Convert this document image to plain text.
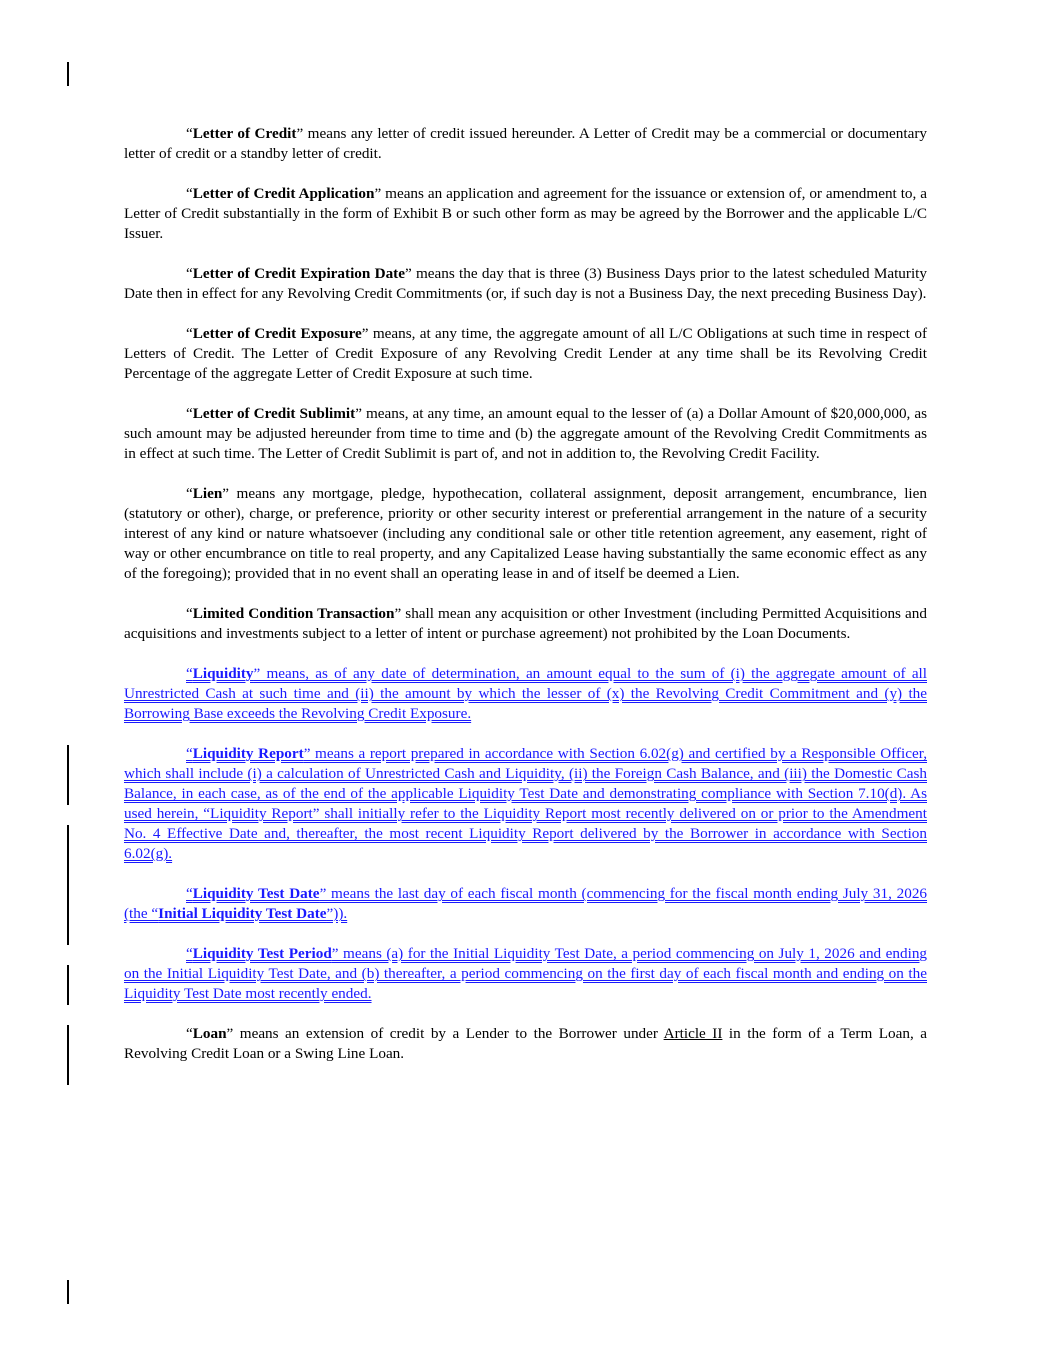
“Letter of Credit” means any letter of credit issued hereunder. A Letter of Credit may be a commercial or documentary letter of credit or a standby letter of credit.

“Letter of Credit Application” means an application and agreement for the issuance or extension of, or amendment to, a Letter of Credit substantially in the form of Exhibit B or such other form as may be agreed by the Borrower and the applicable L/C Issuer.

“Letter of Credit Expiration Date” means the day that is three (3) Business Days prior to the latest scheduled Maturity Date then in effect for any Revolving Credit Commitments (or, if such day is not a Business Day, the next preceding Business Day).

“Letter of Credit Exposure” means, at any time, the aggregate amount of all L/C Obligations at such time in respect of Letters of Credit. The Letter of Credit Exposure of any Revolving Credit Lender at any time shall be its Revolving Credit Percentage of the aggregate Letter of Credit Exposure at such time.

“Letter of Credit Sublimit” means, at any time, an amount equal to the lesser of (a) a Dollar Amount of $20,000,000, as such amount may be adjusted hereunder from time to time and (b) the aggregate amount of the Revolving Credit Commitments as in effect at such time. The Letter of Credit Sublimit is part of, and not in addition to, the Revolving Credit Facility.

“Lien” means any mortgage, pledge, hypothecation, collateral assignment, deposit arrangement, encumbrance, lien (statutory or other), charge, or preference, priority or other security interest or preferential arrangement in the nature of a security interest of any kind or nature whatsoever (including any conditional sale or other title retention agreement, any easement, right of way or other encumbrance on title to real property, and any Capitalized Lease having substantially the same economic effect as any of the foregoing); provided that in no event shall an operating lease in and of itself be deemed a Lien.

“Limited Condition Transaction” shall mean any acquisition or other Investment (including Permitted Acquisitions and acquisitions and investments subject to a letter of intent or purchase agreement) not prohibited by the Loan Documents.

“Liquidity” means, as of any date of determination, an amount equal to the sum of (i) the aggregate amount of all Unrestricted Cash at such time and (ii) the amount by which the lesser of (x) the Revolving Credit Commitment and (y) the Borrowing Base exceeds the Revolving Credit Exposure.

“Liquidity Report” means a report prepared in accordance with Section 6.02(g) and certified by a Responsible Officer, which shall include (i) a calculation of Unrestricted Cash and Liquidity, (ii) the Foreign Cash Balance, and (iii) the Domestic Cash Balance, in each case, as of the end of the applicable Liquidity Test Date and demonstrating compliance with Section 7.10(d). As used herein, “Liquidity Report” shall initially refer to the Liquidity Report most recently delivered on or prior to the Amendment No. 4 Effective Date and, thereafter, the most recent Liquidity Report delivered by the Borrower in accordance with Section 6.02(g).

“Liquidity Test Date” means the last day of each fiscal month (commencing for the fiscal month ending July 31, 2026 (the “Initial Liquidity Test Date”)).

“Liquidity Test Period” means (a) for the Initial Liquidity Test Date, a period commencing on July 1, 2026 and ending on the Initial Liquidity Test Date, and (b) thereafter, a period commencing on the first day of each fiscal month and ending on the Liquidity Test Date most recently ended.

“Loan” means an extension of credit by a Lender to the Borrower under Article II in the form of a Term Loan, a Revolving Credit Loan or a Swing Line Loan.
